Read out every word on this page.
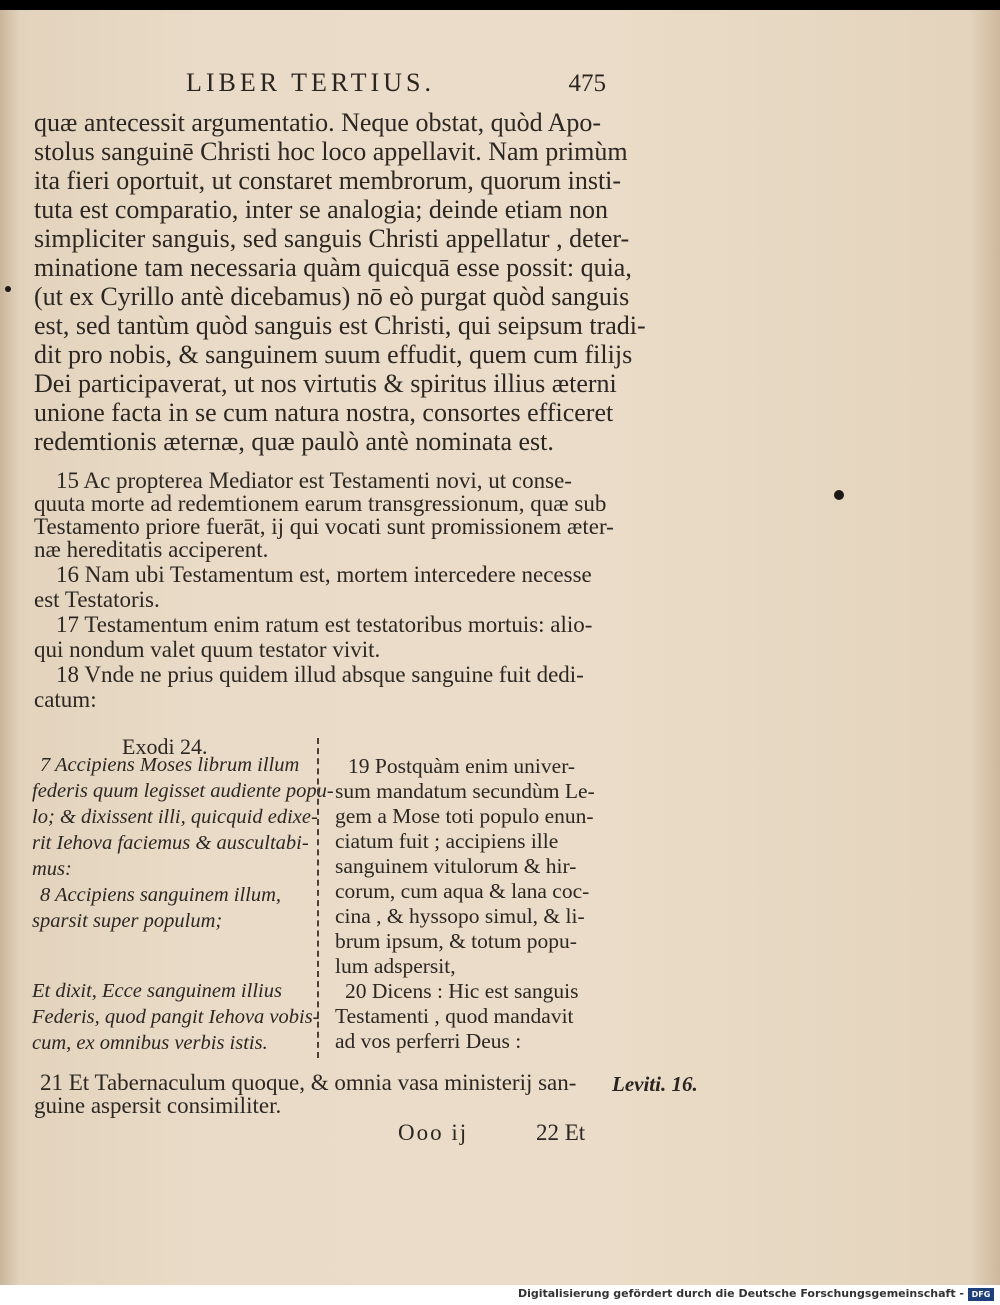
LIBER TERTIUS.	475
quæ antecessit argumentatio. Neque obstat, quòd Apo-
stolus sanguinē Christi hoc loco appellavit. Nam primùm
ita fieri oportuit, ut constaret membrorum, quorum insti-
tuta est comparatio, inter se analogia; deinde etiam non
simpliciter sanguis, sed sanguis Christi appellatur , deter-
minatione tam necessaria quàm quicquā esse possit: quia,
(ut ex Cyrillo antè dicebamus) nō eò purgat quòd sanguis
est, sed tantùm quòd sanguis est Christi, qui seipsum tradi-
dit pro nobis, & sanguinem suum effudit, quem cum filijs
Dei participaverat, ut nos virtutis & spiritus illius æterni
unione facta in se cum natura nostra, consortes efficeret
redemtionis æternæ, quæ paulò antè nominata est.
15 Ac propterea Mediator est Testamenti novi, ut conse-
quuta morte ad redemtionem earum transgressionum, quæ sub
Testamento priore fuerāt, ij qui vocati sunt promissionem æter-
næ hereditatis acciperent.
16 Nam ubi Testamentum est, mortem intercedere necesse
est Testatoris.
17 Testamentum enim ratum est testatoribus mortuis: alio-
qui nondum valet quum testator vivit.
18 Vnde ne prius quidem illud absque sanguine fuit dedi-
catum:
Exodi 24.
7 Accipiens Moses librum illum
federis quum legisset audiente popu-
lo; & dixissent illi, quicquid edixe-
rit Iehova faciemus & auscultabi-
mus:
8 Accipiens sanguinem illum,
sparsit super populum;
Et dixit, Ecce sanguinem illius
Federis, quod pangit Iehova vobis-
cum, ex omnibus verbis istis.
19 Postquàm enim univer-
sum mandatum secundùm Le-
gem a Mose toti populo enun-
ciatum fuit ; accipiens ille
sanguinem vitulorum & hir-
corum, cum aqua & lana coc-
cina , & hyssopo simul, & li-
brum ipsum, & totum popu-
lum adspersit,
20 Dicens : Hic est sanguis
Testamenti , quod mandavit
ad vos perferri Deus :
21 Et Tabernaculum quoque, & omnia vasa ministerij san-
guine aspersit consimiliter.
Leviti. 16.
Ooo ij	22 Et
Digitalisierung gefördert durch die Deutsche Forschungsgemeinschaft - DFG
